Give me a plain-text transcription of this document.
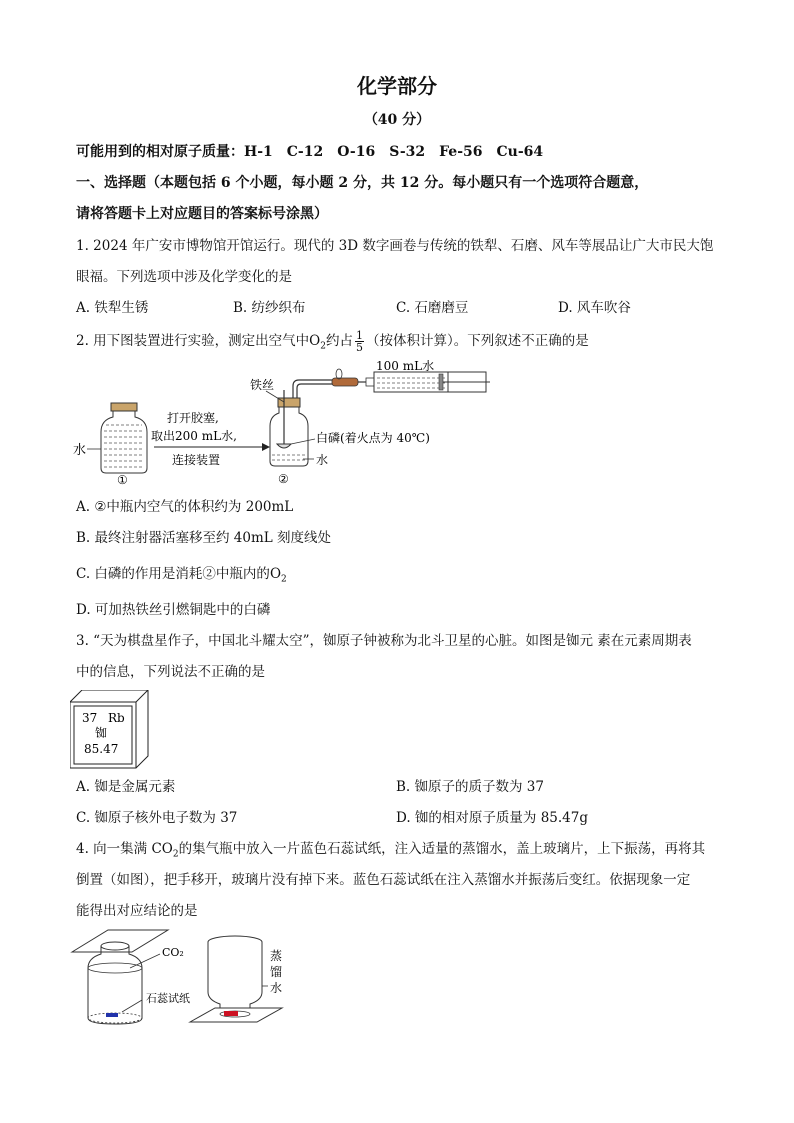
化学部分
（40 分）
可能用到的相对原子质量：H-1　C-12　O-16　S-32　Fe-56　Cu-64
一、选择题（本题包括 6 个小题，每小题 2 分，共 12 分。每小题只有一个选项符合题意，
请将答题卡上对应题目的答案标号涂黑）
1. 2024 年广安市博物馆开馆运行。现代的 3D 数字画卷与传统的铁犁、石磨、风车等展品让广大市民大饱
眼福。下列选项中涉及化学变化的是
A. 铁犁生锈	B. 纺纱织布	C. 石磨磨豆	D. 风车吹谷
2. 用下图装置进行实验，测定出空气中$O_2$约占 $\frac{1}{5}$ （按体积计算）。下列叙述不正确的是
水
①
打开胶塞,
取出200 mL水,
连接装置
铁丝
白磷(着火点为 40℃)
水
②
100 mL水
A. ②中瓶内空气的体积约为 200mL
B. 最终注射器活塞移至约 40mL 刻度线处
C. 白磷的作用是消耗②中瓶内的$O_2$
D. 可加热铁丝引燃铜匙中的白磷
3. “天为棋盘星作子，中国北斗耀太空”，铷原子钟被称为北斗卫星的心脏。如图是铷元 素在元素周期表
中的信息，下列说法不正确的是
37 Rb
铷
85.47
A. 铷是金属元素	B. 铷原子的质子数为 37
C. 铷原子核外电子数为 37	D. 铷的相对原子质量为 85.47g
4. 向一集满 $CO_2$的集气瓶中放入一片蓝色石蕊试纸，注入适量的蒸馏水，盖上玻璃片，上下振荡，再将其
倒置（如图），把手移开，玻璃片没有掉下来。蓝色石蕊试纸在注入蒸馏水并振荡后变红。依据现象一定
能得出对应结论的是
CO₂
石蕊试纸
蒸
馏
水
